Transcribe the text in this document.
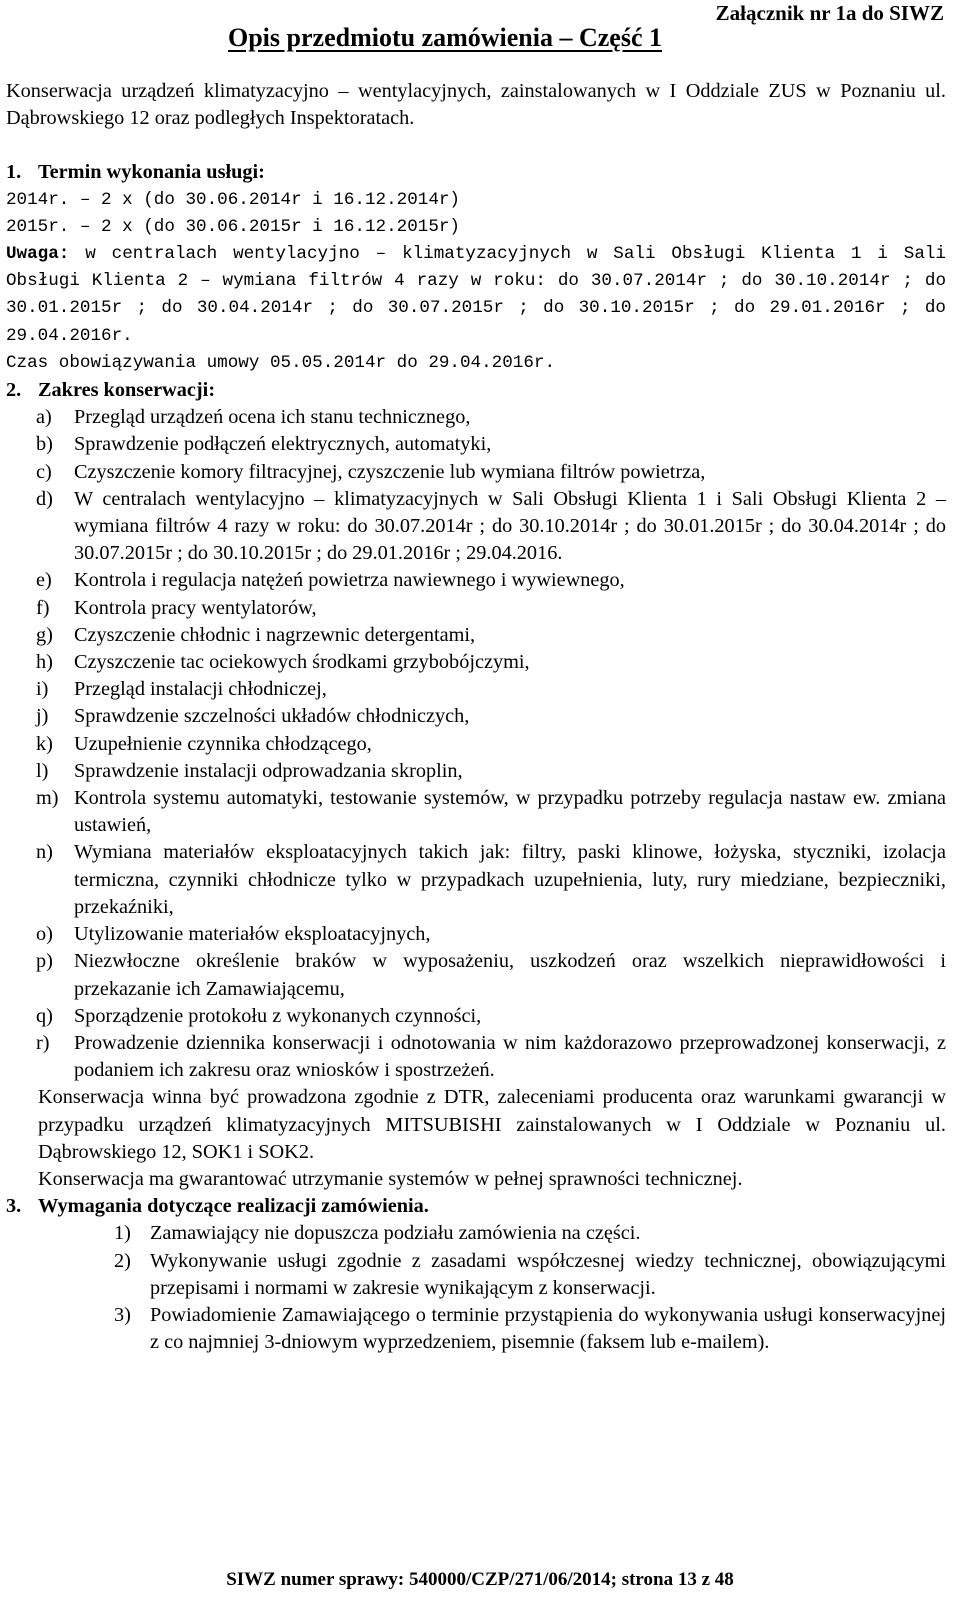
Załącznik nr 1a do SIWZ
Opis przedmiotu zamówienia – Część 1

Konserwacja urządzeń klimatyzacyjno – wentylacyjnych, zainstalowanych w I Oddziale ZUS w Poznaniu ul. Dąbrowskiego 12 oraz podległych Inspektoratach.

1. Termin wykonania usługi:

2014r. – 2 x (do 30.06.2014r i 16.12.2014r)

2015r. – 2 x (do 30.06.2015r i 16.12.2015r)

Uwaga: w centralach wentylacyjno – klimatyzacyjnych w Sali Obsługi Klienta 1 i Sali Obsługi Klienta 2 – wymiana filtrów 4 razy w roku: do 30.07.2014r ; do 30.10.2014r ; do 30.01.2015r ; do 30.04.2014r ; do 30.07.2015r ; do 30.10.2015r ; do 29.01.2016r ; do 29.04.2016r.

Czas obowiązywania umowy 05.05.2014r do 29.04.2016r.

2. Zakres konserwacji:
a)	Przegląd urządzeń ocena ich stanu technicznego,
b)	Sprawdzenie podłączeń elektrycznych, automatyki,
c)	Czyszczenie komory filtracyjnej, czyszczenie lub wymiana filtrów powietrza,
d)	W centralach wentylacyjno – klimatyzacyjnych w Sali Obsługi Klienta 1 i Sali Obsługi Klienta 2 – wymiana filtrów 4 razy w roku: do 30.07.2014r ; do 30.10.2014r ; do 30.01.2015r ; do 30.04.2014r ; do 30.07.2015r ; do 30.10.2015r ; do 29.01.2016r ; 29.04.2016.
e)	Kontrola i regulacja natężeń powietrza nawiewnego i wywiewnego,
f)	Kontrola pracy wentylatorów,
g)	Czyszczenie chłodnic i nagrzewnic detergentami,
h)	Czyszczenie tac ociekowych środkami grzybobójczymi,
i)	Przegląd instalacji chłodniczej,
j)	Sprawdzenie szczelności układów chłodniczych,
k)	Uzupełnienie czynnika chłodzącego,
l)	Sprawdzenie instalacji odprowadzania skroplin,
m) Kontrola systemu automatyki, testowanie systemów, w przypadku potrzeby regulacja nastaw ew. zmiana ustawień,
n)	Wymiana materiałów eksploatacyjnych takich jak: filtry, paski klinowe, łożyska, styczniki, izolacja termiczna, czynniki chłodnicze tylko w przypadkach uzupełnienia, luty, rury miedziane, bezpieczniki, przekaźniki,
o)	Utylizowanie materiałów eksploatacyjnych,
p)	Niezwłoczne określenie braków w wyposażeniu, uszkodzeń oraz wszelkich nieprawidłowości i przekazanie ich Zamawiającemu,
q)	Sporządzenie protokołu z wykonanych czynności,
r)	Prowadzenie dziennika konserwacji i odnotowania w nim każdorazowo przeprowadzonej konserwacji, z podaniem ich zakresu oraz wniosków i spostrzeżeń.

Konserwacja winna być prowadzona zgodnie z DTR, zaleceniami producenta oraz warunkami gwarancji w przypadku urządzeń klimatyzacyjnych MITSUBISHI zainstalowanych w I Oddziale w Poznaniu ul. Dąbrowskiego 12, SOK1 i SOK2.

Konserwacja ma gwarantować utrzymanie systemów w pełnej sprawności technicznej.

3. Wymagania dotyczące realizacji zamówienia.
1) Zamawiający nie dopuszcza podziału zamówienia na części.
2) Wykonywanie usługi zgodnie z zasadami współczesnej wiedzy technicznej, obowiązującymi przepisami i normami w zakresie wynikającym z konserwacji.
3) Powiadomienie Zamawiającego o terminie przystąpienia do wykonywania usługi konserwacyjnej z co najmniej 3-dniowym wyprzedzeniem, pisemnie (faksem lub e-mailem).
SIWZ numer sprawy: 540000/CZP/271/06/2014; strona 13 z 48
